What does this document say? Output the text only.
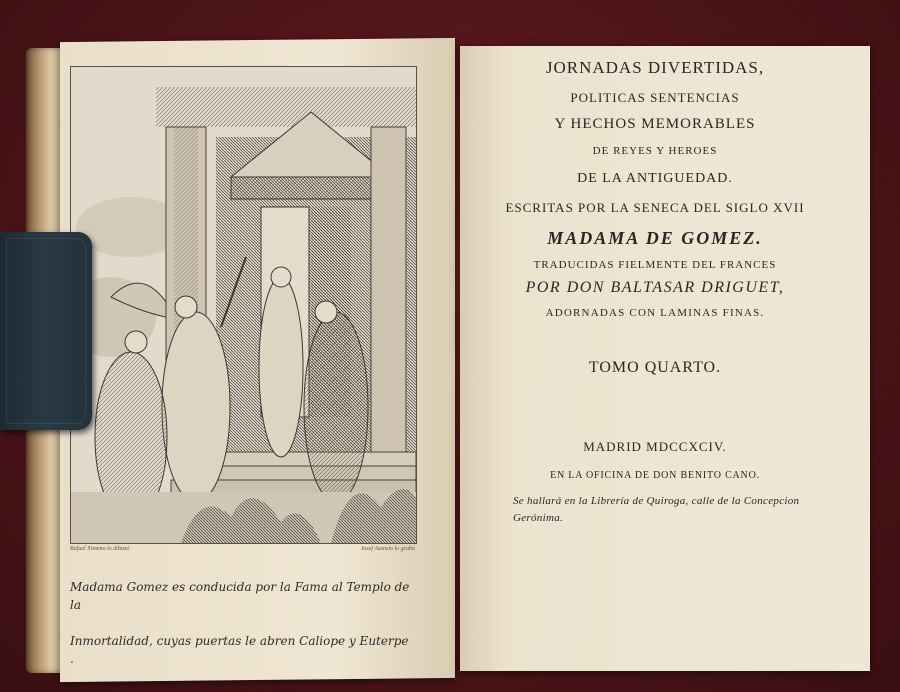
Rafael Ximeno lo dibuxó	Josef Asensio lo grabó

Madama Gomez es conducida por la Fama al Templo de la

Inmortalidad, cuyas puertas le abren Caliope y Euterpe .

JORNADAS DIVERTIDAS,
POLITICAS SENTENCIAS
Y HECHOS MEMORABLES
DE REYES Y HEROES
DE LA ANTIGUEDAD.
ESCRITAS POR LA SENECA DEL SIGLO XVII
MADAMA DE GOMEZ.
TRADUCIDAS FIELMENTE DEL FRANCES
POR DON BALTASAR DRIGUET,
ADORNADAS CON LAMINAS FINAS.
TOMO QUARTO.
MADRID MDCCXCIV.
EN LA OFICINA DE DON BENITO CANO.
Se hallará en la Librería de Quiroga, calle de la Concepcion Gerónima.
